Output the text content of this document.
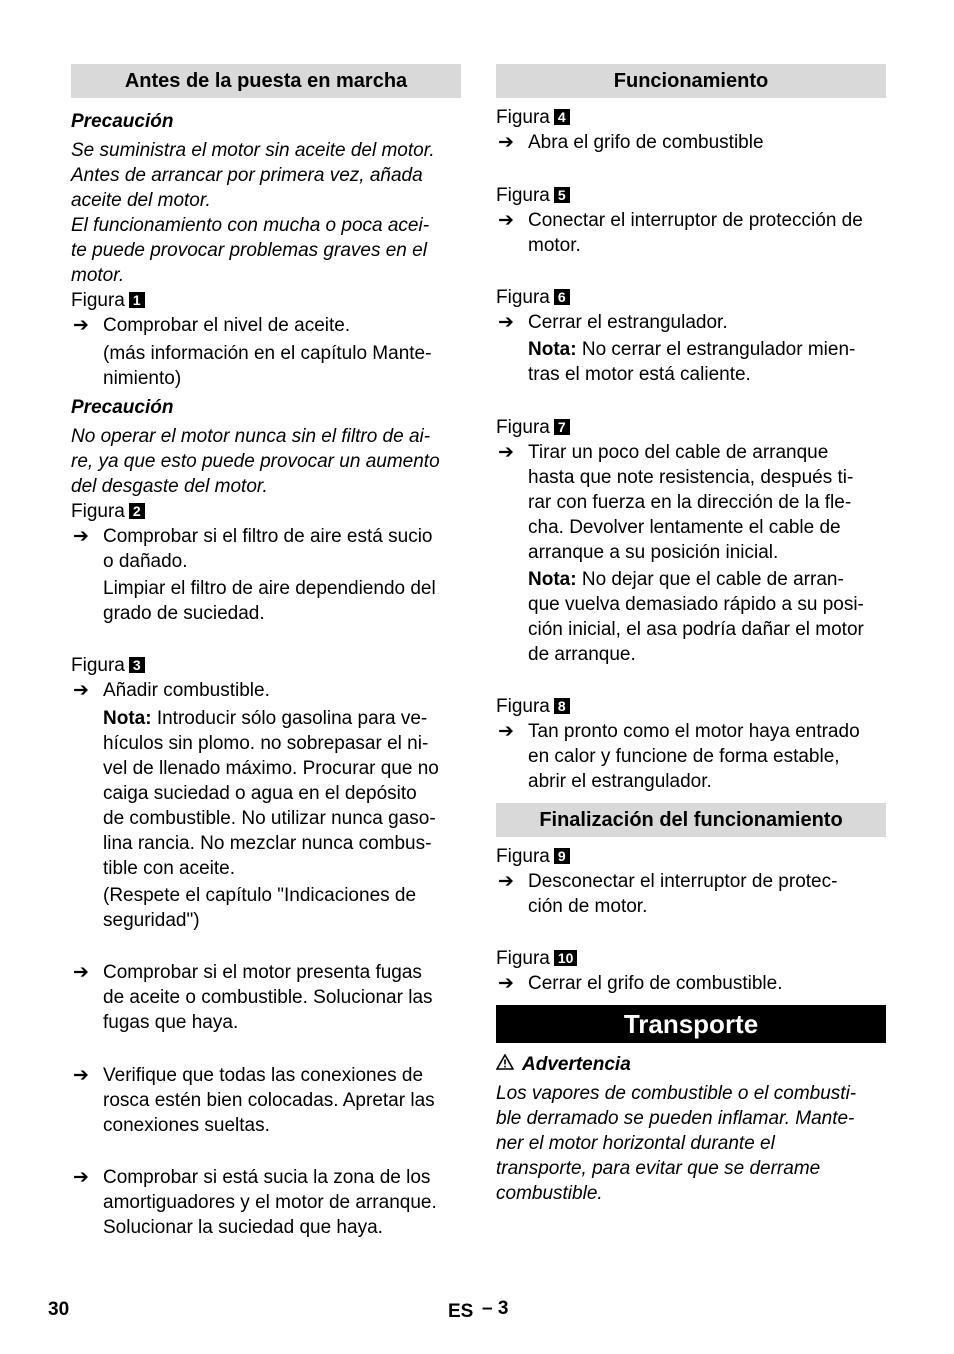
Antes de la puesta en marcha
Precaución
Se suministra el motor sin aceite del motor.
Antes de arrancar por primera vez, añada
aceite del motor.
El funcionamiento con mucha o poca acei-
te puede provocar problemas graves en el
motor.
Figura 1
➔ Comprobar el nivel de aceite.
(más información en el capítulo Mante-
nimiento)
Precaución
No operar el motor nunca sin el filtro de ai-
re, ya que esto puede provocar un aumento
del desgaste del motor.
Figura 2
➔ Comprobar si el filtro de aire está sucio
o dañado.
Limpiar el filtro de aire dependiendo del
grado de suciedad.
Figura 3
➔ Añadir combustible.
Nota: Introducir sólo gasolina para ve-
hículos sin plomo. no sobrepasar el ni-
vel de llenado máximo. Procurar que no
caiga suciedad o agua en el depósito
de combustible. No utilizar nunca gaso-
lina rancia. No mezclar nunca combus-
tible con aceite.
(Respete el capítulo "Indicaciones de
seguridad")
➔ Comprobar si el motor presenta fugas
de aceite o combustible. Solucionar las
fugas que haya.
➔ Verifique que todas las conexiones de
rosca estén bien colocadas. Apretar las
conexiones sueltas.
➔ Comprobar si está sucia la zona de los
amortiguadores y el motor de arranque.
Solucionar la suciedad que haya.
Funcionamiento
Figura 4
➔ Abra el grifo de combustible
Figura 5
➔ Conectar el interruptor de protección de
motor.
Figura 6
➔ Cerrar el estrangulador.
Nota: No cerrar el estrangulador mien-
tras el motor está caliente.
Figura 7
➔ Tirar un poco del cable de arranque
hasta que note resistencia, después ti-
rar con fuerza en la dirección de la fle-
cha. Devolver lentamente el cable de
arranque a su posición inicial.
Nota: No dejar que el cable de arran-
que vuelva demasiado rápido a su posi-
ción inicial, el asa podría dañar el motor
de arranque.
Figura 8
➔ Tan pronto como el motor haya entrado
en calor y funcione de forma estable,
abrir el estrangulador.
Finalización del funcionamiento
Figura 9
➔ Desconectar el interruptor de protec-
ción de motor.
Figura 10
➔ Cerrar el grifo de combustible.
Transporte
Advertencia
Los vapores de combustible o el combusti-
ble derramado se pueden inflamar. Mante-
ner el motor horizontal durante el
transporte, para evitar que se derrame
combustible.
30	ES – 3
